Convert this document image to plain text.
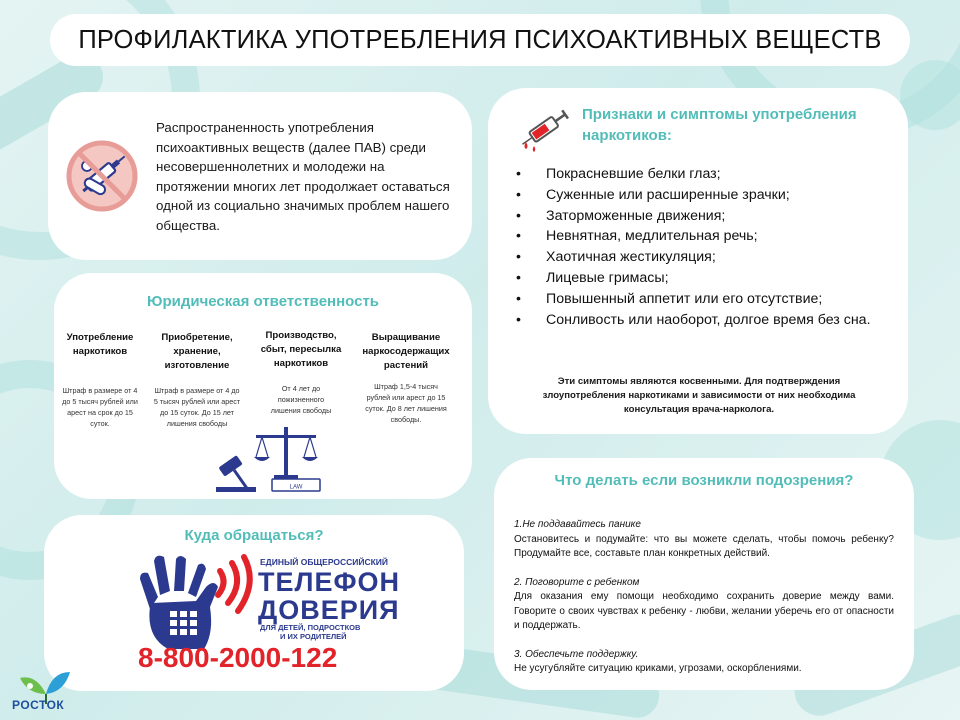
ПРОФИЛАКТИКА УПОТРЕБЛЕНИЯ ПСИХОАКТИВНЫХ ВЕЩЕСТВ

Распространенность употребления психоактивных веществ (далее ПАВ) среди несовершеннолетних и молодежи на протяжении многих лет продолжает оставаться одной из социально значимых проблем нашего общества.

Юридическая ответственность
Употребление наркотиков
Штраф в размере от 4 до 5 тысяч рублей или арест на срок до 15 суток.
Приобретение, хранение, изготовление
Штраф в размере от 4 до 5 тысяч рублей или арест до 15 суток. До 15 лет лишения свободы
Производство, сбыт, пересылка наркотиков
От 4 лет до пожизненного лишения свободы
Выращивание наркосодержащих растений
Штраф 1,5-4 тысяч рублей или арест до 15 суток. До 8 лет лишения свободы.
LAW
Куда обращаться?
ЕДИНЫЙ ОБЩЕРОССИЙСКИЙ
ТЕЛЕФОН
ДОВЕРИЯ
ДЛЯ ДЕТЕЙ, ПОДРОСТКОВ
И ИХ РОДИТЕЛЕЙ
8-800-2000-122
Признаки и симптомы употребления наркотиков:
• Покрасневшие белки глаз;
• Суженные или расширенные зрачки;
• Заторможенные движения;
• Невнятная, медлительная речь;
• Хаотичная жестикуляция;
• Лицевые гримасы;
• Повышенный аппетит или его отсутствие;
• Сонливость или наоборот, долгое время без сна.
Эти симптомы являются косвенными. Для подтверждения злоупотребления наркотиками и зависимости от них необходима консультация врача-нарколога.
Что делать если возникли подозрения?
1.Не поддавайтесь панике

Остановитесь и подумайте: что вы можете сделать, чтобы помочь ребенку? Продумайте все, составьте план конкретных действий.

2. Поговорите с ребенком

Для оказания ему помощи необходимо сохранить доверие между вами. Говорите о своих чувствах к ребенку - любви, желании уберечь его от опасности и поддержать.

3. Обеспечьте поддержку.

Не усугубляйте ситуацию криками, угрозами, оскорблениями.

РОСТОК
